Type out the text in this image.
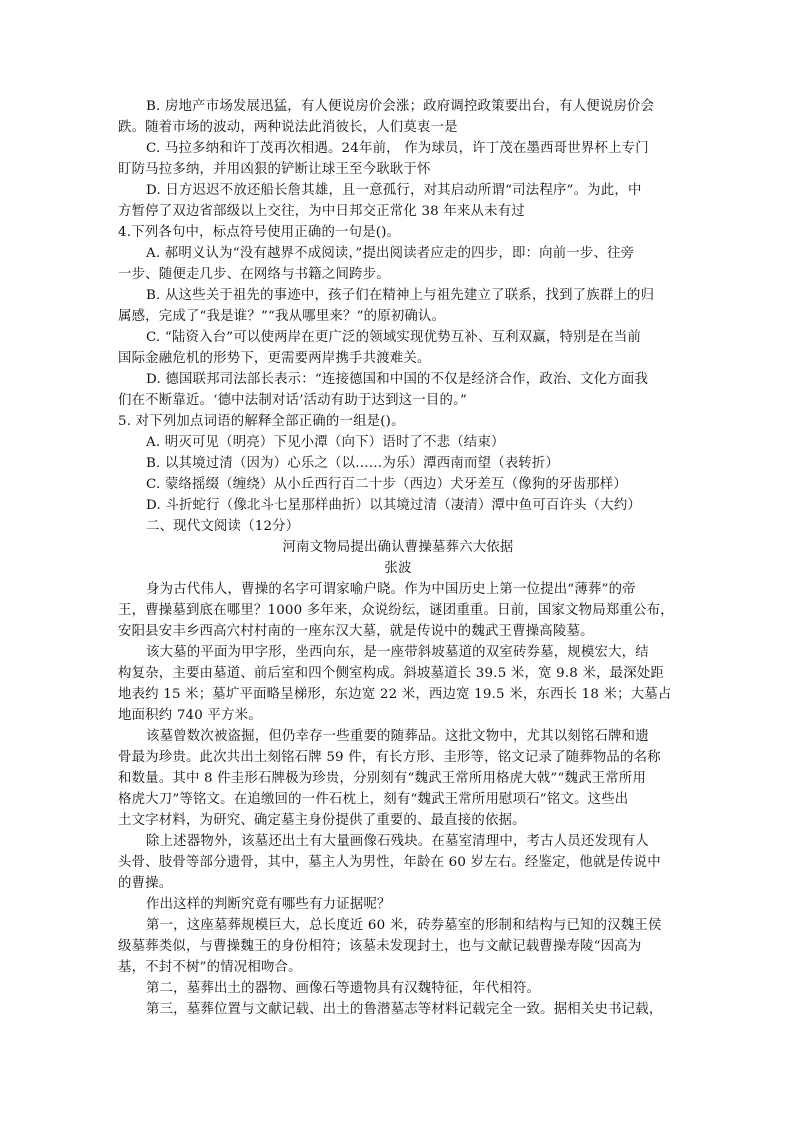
B. 房地产市场发展迅猛，有人便说房价会涨；政府调控政策要出台，有人便说房价会
跌。随着市场的波动，两种说法此消彼长，人们莫衷一是
C. 马拉多纳和许丁茂再次相遇。24年前， 作为球员，许丁茂在墨西哥世界杯上专门
盯防马拉多纳，并用凶狠的铲断让球王至今耿耿于怀
D. 日方迟迟不放还船长詹其雄，且一意孤行，对其启动所谓“司法程序”。为此，中
方暂停了双边省部级以上交往，为中日邦交正常化 38 年来从未有过
4.下列各句中，标点符号使用正确的一句是()。
A. 郝明义认为“没有越界不成阅读，”提出阅读者应走的四步，即：向前一步、往旁
一步、随便走几步、在网络与书籍之间跨步。
B. 从这些关于祖先的事迹中，孩子们在精神上与祖先建立了联系，找到了族群上的归
属感，完成了“我是谁？”“我从哪里来？”的原初确认。
C. “陆资入台”可以使两岸在更广泛的领域实现优势互补、互利双赢，特别是在当前
国际金融危机的形势下，更需要两岸携手共渡难关。
D. 德国联邦司法部长表示：“连接德国和中国的不仅是经济合作，政治、文化方面我
们在不断靠近。‘德中法制对话’活动有助于达到这一目的。”
5. 对下列加点词语的解释全部正确的一组是()。
A. 明灭可见（明亮）下见小潭（向下）语时了不悲（结束）
B. 以其境过清（因为）心乐之（以……为乐）潭西南而望（表转折）
C. 蒙络摇缀（缠绕）从小丘西行百二十步（西边）犬牙差互（像狗的牙齿那样）
D. 斗折蛇行（像北斗七星那样曲折）以其境过清（凄清）潭中鱼可百许头（大约）
二、现代文阅读（12分）
河南文物局提出确认曹操墓葬六大依据
张波
身为古代伟人，曹操的名字可谓家喻户晓。作为中国历史上第一位提出“薄葬”的帝
王，曹操墓到底在哪里？1000 多年来，众说纷纭，谜团重重。日前，国家文物局郑重公布，
安阳县安丰乡西高穴村村南的一座东汉大墓，就是传说中的魏武王曹操高陵墓。
该大墓的平面为甲字形，坐西向东，是一座带斜坡墓道的双室砖券墓，规模宏大，结
构复杂，主要由墓道、前后室和四个侧室构成。斜坡墓道长 39.5 米，宽 9.8 米，最深处距
地表约 15 米；墓圹平面略呈梯形，东边宽 22 米，西边宽 19.5 米，东西长 18 米；大墓占
地面积约 740 平方米。
该墓曾数次被盗掘，但仍幸存一些重要的随葬品。这批文物中，尤其以刻铭石牌和遗
骨最为珍贵。此次共出土刻铭石牌 59 件，有长方形、圭形等，铭文记录了随葬物品的名称
和数量。其中 8 件圭形石牌极为珍贵，分别刻有“魏武王常所用格虎大戟”“魏武王常所用
格虎大刀”等铭文。在追缴回的一件石枕上，刻有“魏武王常所用慰项石”铭文。这些出
土文字材料，为研究、确定墓主身份提供了重要的、最直接的依据。
除上述器物外，该墓还出土有大量画像石残块。在墓室清理中，考古人员还发现有人
头骨、肢骨等部分遗骨，其中，墓主人为男性，年龄在 60 岁左右。经鉴定，他就是传说中
的曹操。
作出这样的判断究竟有哪些有力证据呢？
第一，这座墓葬规模巨大，总长度近 60 米，砖券墓室的形制和结构与已知的汉魏王侯
级墓葬类似，与曹操魏王的身份相符；该墓未发现封土，也与文献记载曹操寿陵“因高为
基，不封不树”的情况相吻合。
第二，墓葬出土的器物、画像石等遗物具有汉魏特征，年代相符。
第三，墓葬位置与文献记载、出土的鲁潜墓志等材料记载完全一致。据相关史书记载，
